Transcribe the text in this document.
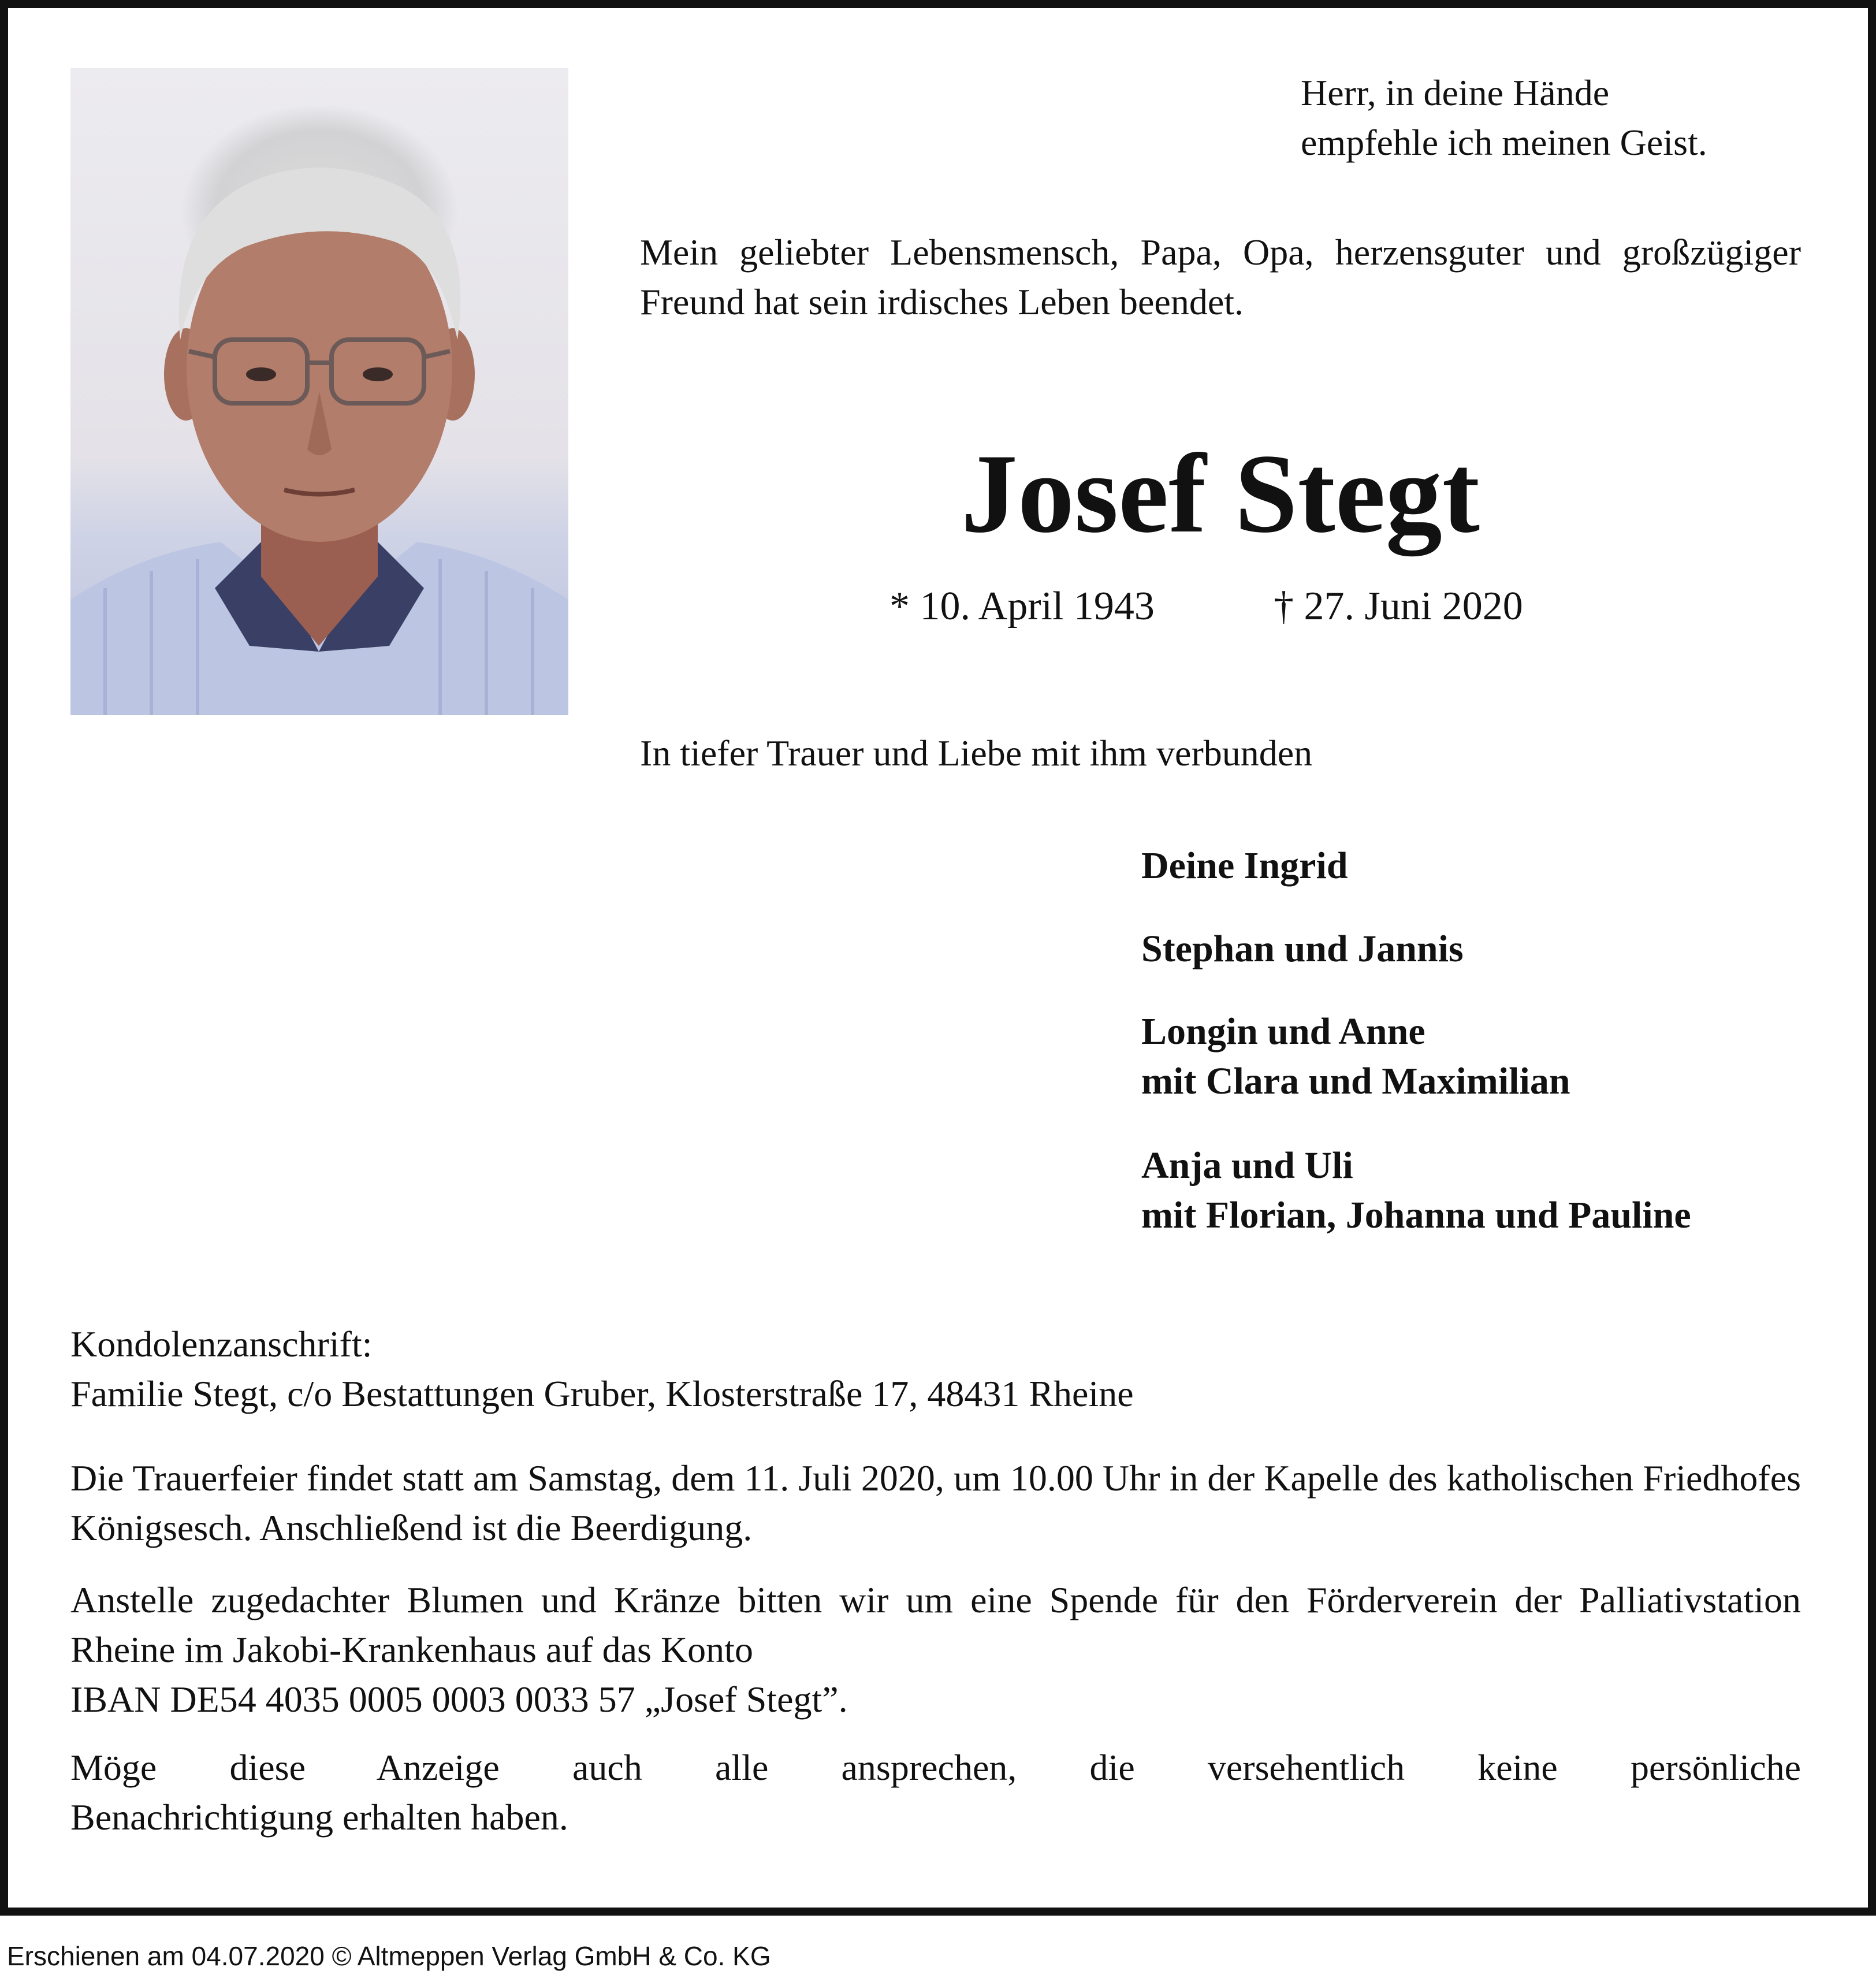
Herr, in deine Hände
empfehle ich meinen Geist.
Mein geliebter Lebensmensch, Papa, Opa, herzensguter und großzügiger Freund hat sein irdisches Leben beendet.
Josef Stegt
* 10. April 1943	† 27. Juni 2020
In tiefer Trauer und Liebe mit ihm verbunden
Deine Ingrid
Stephan und Jannis
Longin und Anne
mit Clara und Maximilian
Anja und Uli
mit Florian, Johanna und Pauline
Kondolenzanschrift:
Familie Stegt, c/o Bestattungen Gruber, Klosterstraße 17, 48431 Rheine
Die Trauerfeier findet statt am Samstag, dem 11. Juli 2020, um 10.00 Uhr in der Kapelle des katholischen Friedhofes Königsesch. Anschließend ist die Beerdigung.
Anstelle zugedachter Blumen und Kränze bitten wir um eine Spende für den Förderverein der Palliativstation Rheine im Jakobi-Krankenhaus auf das Konto
IBAN DE54 4035 0005 0003 0033 57 „Josef Stegt”.
Möge diese Anzeige auch alle ansprechen, die versehentlich keine persönliche
Benachrichtigung erhalten haben.
Erschienen am 04.07.2020 © Altmeppen Verlag GmbH & Co. KG
